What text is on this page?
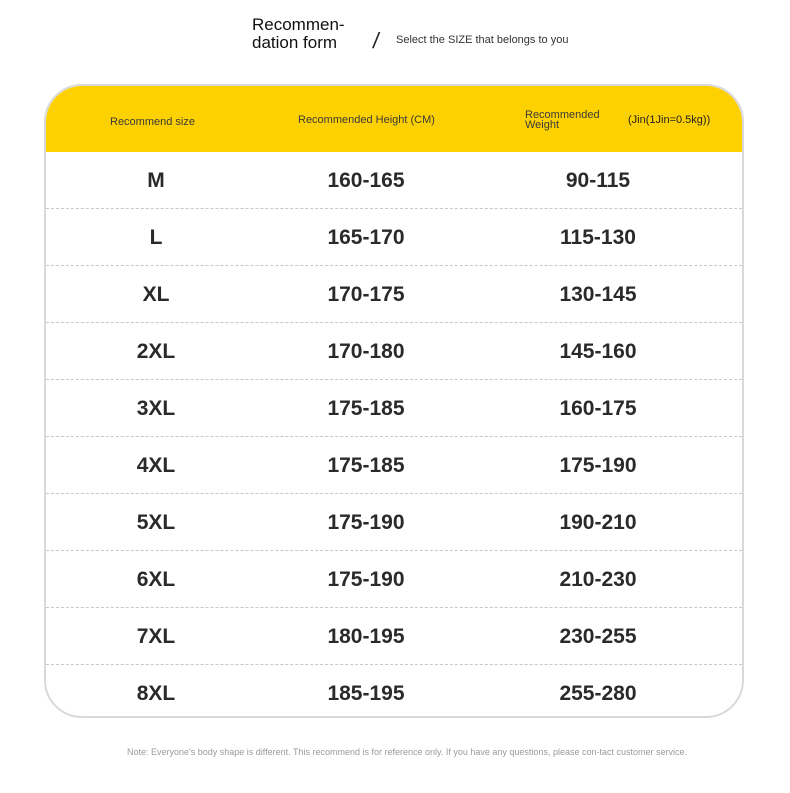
Recommen-
dation form	/ Select the SIZE that belongs to you
Recommend size	Recommended Height (CM)	Recommended Weight	(Jin(1Jin=0.5kg))
M	160-165	90-115
L	165-170	115-130
XL	170-175	130-145
2XL	170-180	145-160
3XL	175-185	160-175
4XL	175-185	175-190
5XL	175-190	190-210
6XL	175-190	210-230
7XL	180-195	230-255
8XL	185-195	255-280
Note: Everyone's body shape is different. This recommend is for reference only. If you have any questions, please con-tact customer service.
